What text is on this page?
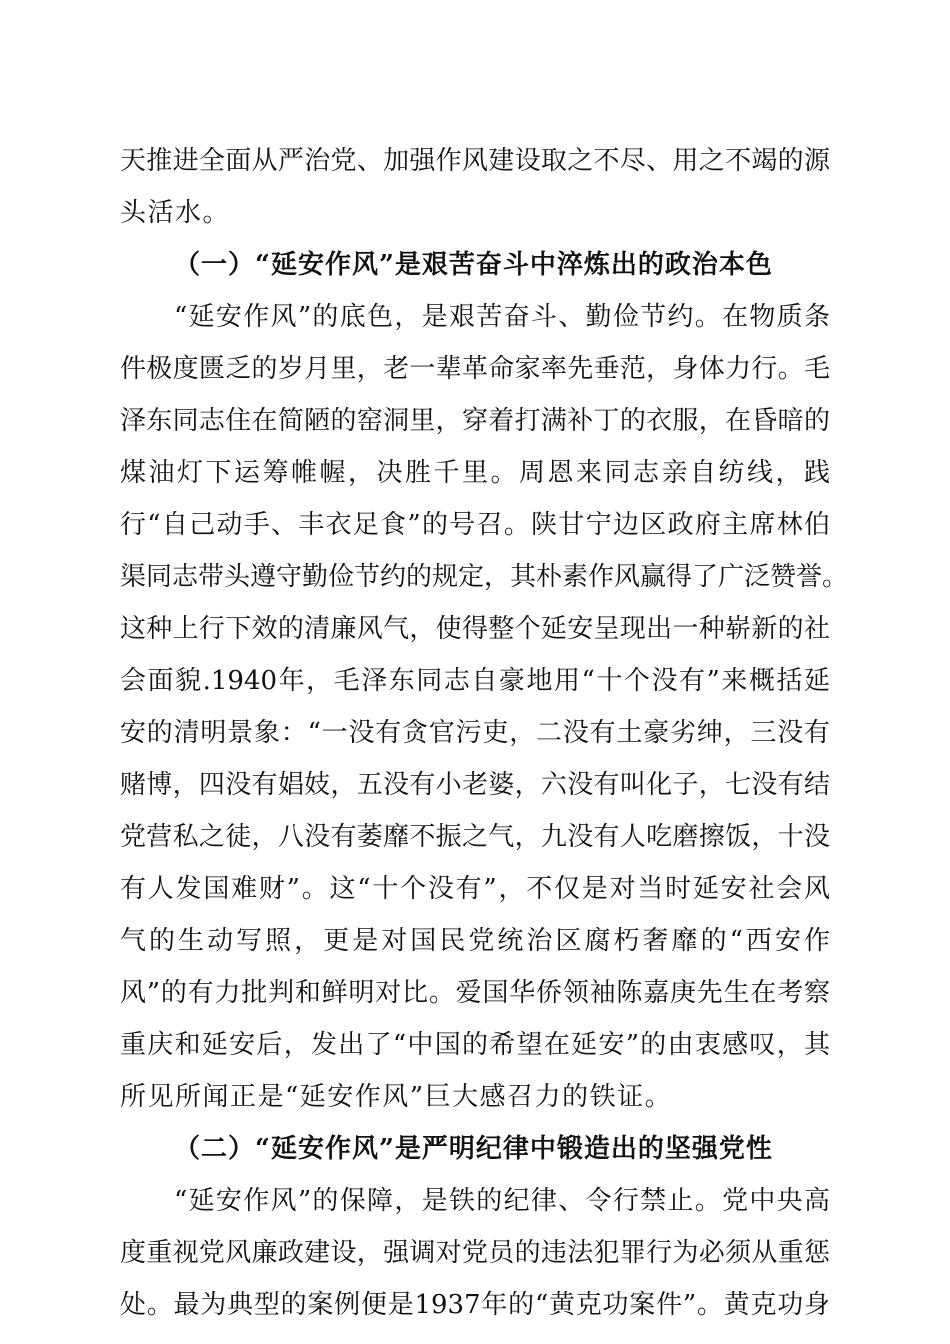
天推进全面从严治党、加强作风建设取之不尽、用之不竭的源
头活水。
（一）“延安作风”是艰苦奋斗中淬炼出的政治本色
“延安作风”的底色，是艰苦奋斗、勤俭节约。在物质条
件极度匮乏的岁月里，老一辈革命家率先垂范，身体力行。毛
泽东同志住在简陋的窑洞里，穿着打满补丁的衣服，在昏暗的
煤油灯下运筹帷幄，决胜千里。周恩来同志亲自纺线，践
行“自己动手、丰衣足食”的号召。陕甘宁边区政府主席林伯
渠同志带头遵守勤俭节约的规定，其朴素作风赢得了广泛赞誉。
这种上行下效的清廉风气，使得整个延安呈现出一种崭新的社
会面貌.1940年，毛泽东同志自豪地用“十个没有”来概括延
安的清明景象：“一没有贪官污吏，二没有土豪劣绅，三没有
赌博，四没有娼妓，五没有小老婆，六没有叫化子，七没有结
党营私之徒，八没有萎靡不振之气，九没有人吃磨擦饭，十没
有人发国难财”。这“十个没有”，不仅是对当时延安社会风
气的生动写照，更是对国民党统治区腐朽奢靡的“西安作
风”的有力批判和鲜明对比。爱国华侨领袖陈嘉庚先生在考察
重庆和延安后，发出了“中国的希望在延安”的由衷感叹，其
所见所闻正是“延安作风”巨大感召力的铁证。
（二）“延安作风”是严明纪律中锻造出的坚强党性
“延安作风”的保障，是铁的纪律、令行禁止。党中央高
度重视党风廉政建设，强调对党员的违法犯罪行为必须从重惩
处。最为典型的案例便是1937年的“黄克功案件”。黄克功身
